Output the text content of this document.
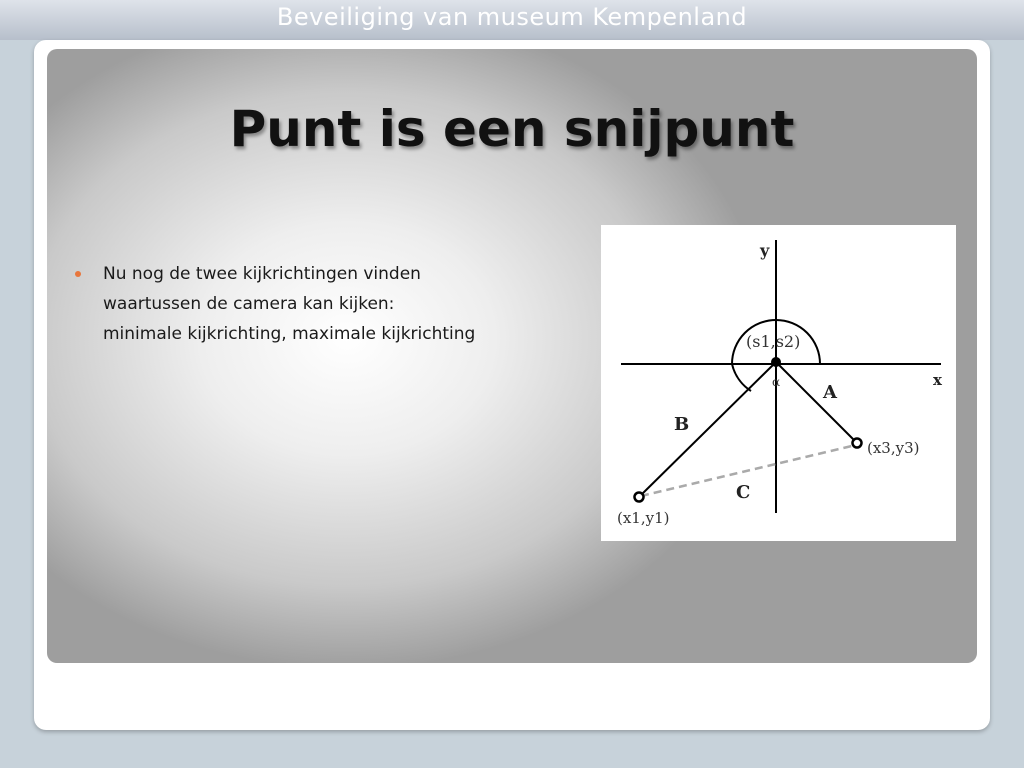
Beveiliging van museum Kempenland
Punt is een snijpunt
Nu nog de twee kijkrichtingen vinden
waartussen de camera kan kijken:
minimale kijkrichting, maximale kijkrichting
y
x
(s1,s2)
α A
B
C
(x3,y3)
(x1,y1)
